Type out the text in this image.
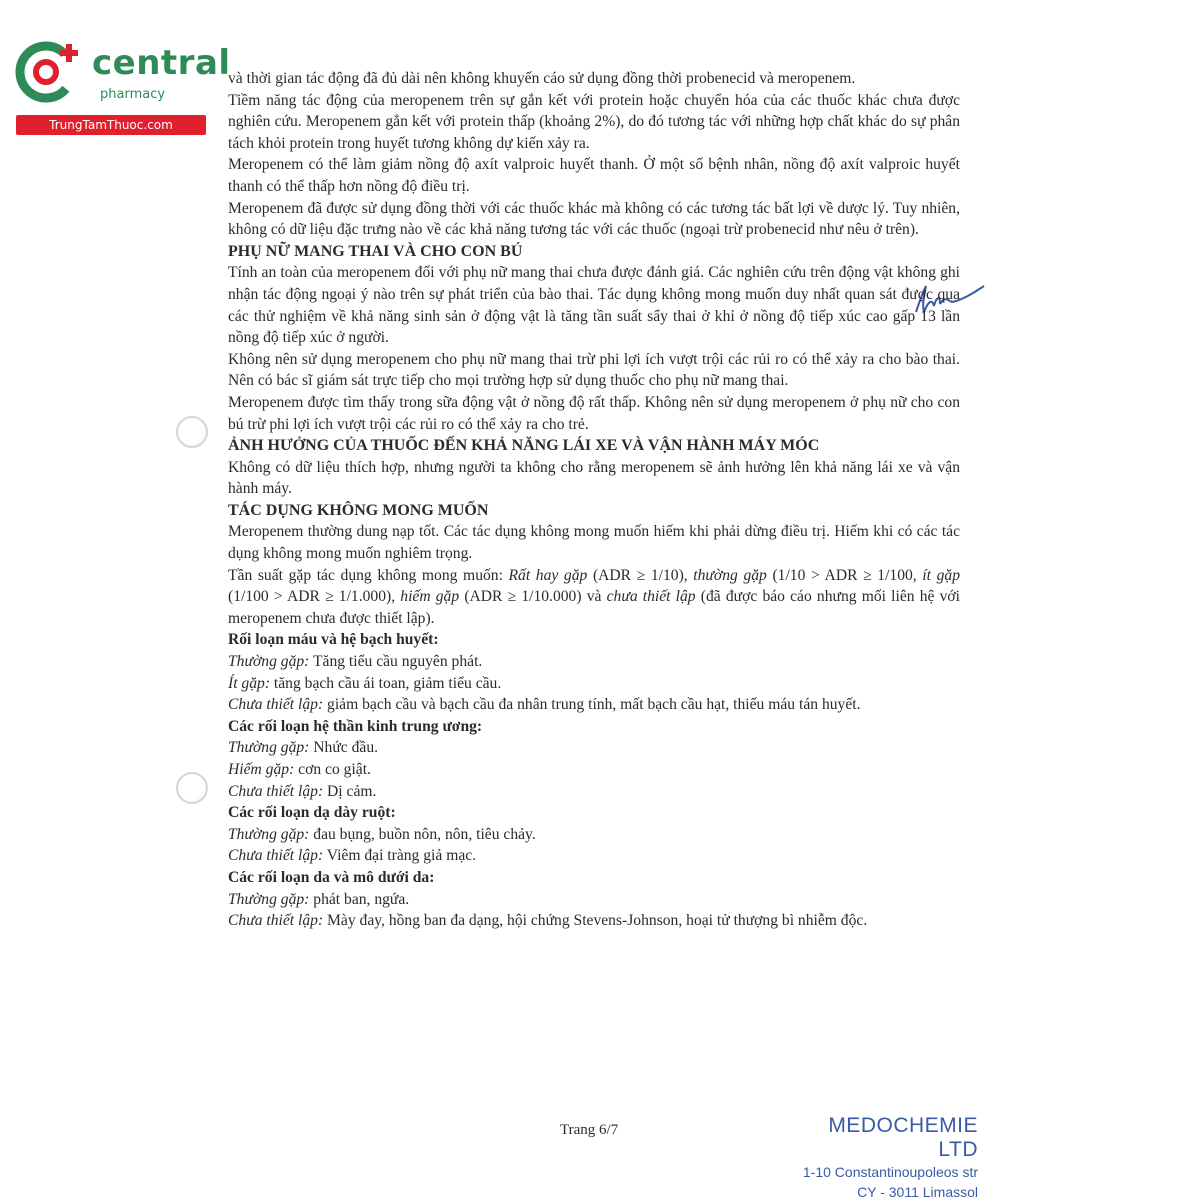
central
pharmacy
TrungTamThuoc.com

và thời gian tác động đã đủ dài nên không khuyến cáo sử dụng đồng thời probenecid và meropenem.

Tiềm năng tác động của meropenem trên sự gắn kết với protein hoặc chuyển hóa của các thuốc khác chưa được nghiên cứu. Meropenem gắn kết với protein thấp (khoảng 2%), do đó tương tác với những hợp chất khác do sự phân tách khỏi protein trong huyết tương không dự kiến xảy ra.

Meropenem có thể làm giảm nồng độ axít valproic huyết thanh. Ở một số bệnh nhân, nồng độ axít valproic huyết thanh có thể thấp hơn nồng độ điều trị.

Meropenem đã được sử dụng đồng thời với các thuốc khác mà không có các tương tác bất lợi về dược lý. Tuy nhiên, không có dữ liệu đặc trưng nào về các khả năng tương tác với các thuốc (ngoại trừ probenecid như nêu ở trên).

PHỤ NỮ MANG THAI VÀ CHO CON BÚ

Tính an toàn của meropenem đối với phụ nữ mang thai chưa được đánh giá. Các nghiên cứu trên động vật không ghi nhận tác động ngoại ý nào trên sự phát triển của bào thai. Tác dụng không mong muốn duy nhất quan sát được qua các thử nghiệm về khả năng sinh sản ở động vật là tăng tần suất sẩy thai ở khỉ ở nồng độ tiếp xúc cao gấp 13 lần nồng độ tiếp xúc ở người.

Không nên sử dụng meropenem cho phụ nữ mang thai trừ phi lợi ích vượt trội các rủi ro có thể xảy ra cho bào thai. Nên có bác sĩ giám sát trực tiếp cho mọi trường hợp sử dụng thuốc cho phụ nữ mang thai.

Meropenem được tìm thấy trong sữa động vật ở nồng độ rất thấp. Không nên sử dụng meropenem ở phụ nữ cho con bú trừ phi lợi ích vượt trội các rủi ro có thể xảy ra cho trẻ.

ẢNH HƯỞNG CỦA THUỐC ĐẾN KHẢ NĂNG LÁI XE VÀ VẬN HÀNH MÁY MÓC

Không có dữ liệu thích hợp, nhưng người ta không cho rằng meropenem sẽ ảnh hưởng lên khả năng lái xe và vận hành máy.

TÁC DỤNG KHÔNG MONG MUỐN

Meropenem thường dung nạp tốt. Các tác dụng không mong muốn hiếm khi phải dừng điều trị. Hiếm khi có các tác dụng không mong muốn nghiêm trọng.

Tần suất gặp tác dụng không mong muốn: Rất hay gặp (ADR ≥ 1/10), thường gặp (1/10 > ADR ≥ 1/100, ít gặp (1/100 > ADR ≥ 1/1.000), hiếm gặp (ADR ≥ 1/10.000) và chưa thiết lập (đã được báo cáo nhưng mối liên hệ với meropenem chưa được thiết lập).

Rối loạn máu và hệ bạch huyết:

Thường gặp: Tăng tiểu cầu nguyên phát.

Ít gặp: tăng bạch cầu ái toan, giảm tiểu cầu.

Chưa thiết lập: giảm bạch cầu và bạch cầu đa nhân trung tính, mất bạch cầu hạt, thiếu máu tán huyết.

Các rối loạn hệ thần kinh trung ương:

Thường gặp: Nhức đầu.

Hiếm gặp: cơn co giật.

Chưa thiết lập: Dị cảm.

Các rối loạn dạ dày ruột:

Thường gặp: đau bụng, buồn nôn, nôn, tiêu chảy.

Chưa thiết lập: Viêm đại tràng giả mạc.

Các rối loạn da và mô dưới da:

Thường gặp: phát ban, ngứa.

Chưa thiết lập: Mày đay, hồng ban đa dạng, hội chứng Stevens-Johnson, hoại tử thượng bì nhiễm độc.

Trang 6/7	MEDOCHEMIE LTD
1-10 Constantinoupoleos str
CY - 3011 Limassol
